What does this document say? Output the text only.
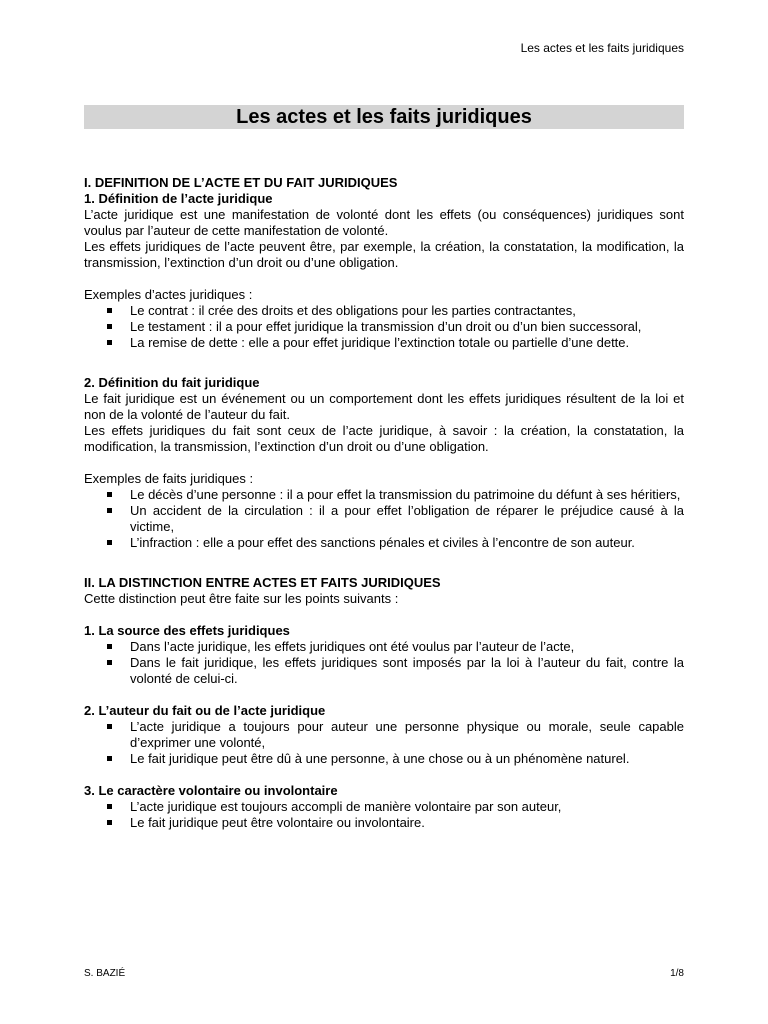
Les actes et les faits juridiques
Les actes et les faits juridiques

I. DEFINITION DE L’ACTE ET DU FAIT JURIDIQUES

1. Définition de l’acte juridique

L’acte juridique est une manifestation de volonté dont les effets (ou conséquences) juridiques sont voulus par l’auteur de cette manifestation de volonté.

Les effets juridiques de l’acte peuvent être, par exemple, la création, la constatation, la modification, la transmission, l’extinction d’un droit ou d’une obligation.

Exemples d’actes juridiques :

Le contrat : il crée des droits et des obligations pour les parties contractantes,
Le testament : il a pour effet juridique la transmission d’un droit ou d’un bien successoral,
La remise de dette : elle a pour effet juridique l’extinction totale ou partielle d’une dette.

2. Définition du fait juridique

Le fait juridique est un événement ou un comportement dont les effets juridiques résultent de la loi et non de la volonté de l’auteur du fait.

Les effets juridiques du fait sont ceux de l’acte juridique, à savoir : la création, la constatation, la modification, la transmission, l’extinction d’un droit ou d’une obligation.

Exemples de faits juridiques :

Le décès d’une personne : il a pour effet la transmission du patrimoine du défunt à ses héritiers,
Un accident de la circulation : il a pour effet l’obligation de réparer le préjudice causé à la victime,
L’infraction : elle a pour effet des sanctions pénales et civiles à l’encontre de son auteur.

II. LA DISTINCTION ENTRE ACTES ET FAITS JURIDIQUES

Cette distinction peut être faite sur les points suivants :

1. La source des effets juridiques

Dans l’acte juridique, les effets juridiques ont été voulus par l’auteur de l’acte,
Dans le fait juridique, les effets juridiques sont imposés par la loi à l’auteur du fait, contre la volonté de celui-ci.

2. L’auteur du fait ou de l’acte juridique

L’acte juridique a toujours pour auteur une personne physique ou morale, seule capable d’exprimer une volonté,
Le fait juridique peut être dû à une personne, à une chose ou à un phénomène naturel.

3. Le caractère volontaire ou involontaire

L’acte juridique est toujours accompli de manière volontaire par son auteur,
Le fait juridique peut être volontaire ou involontaire.
S. BAZIÉ	1/8
